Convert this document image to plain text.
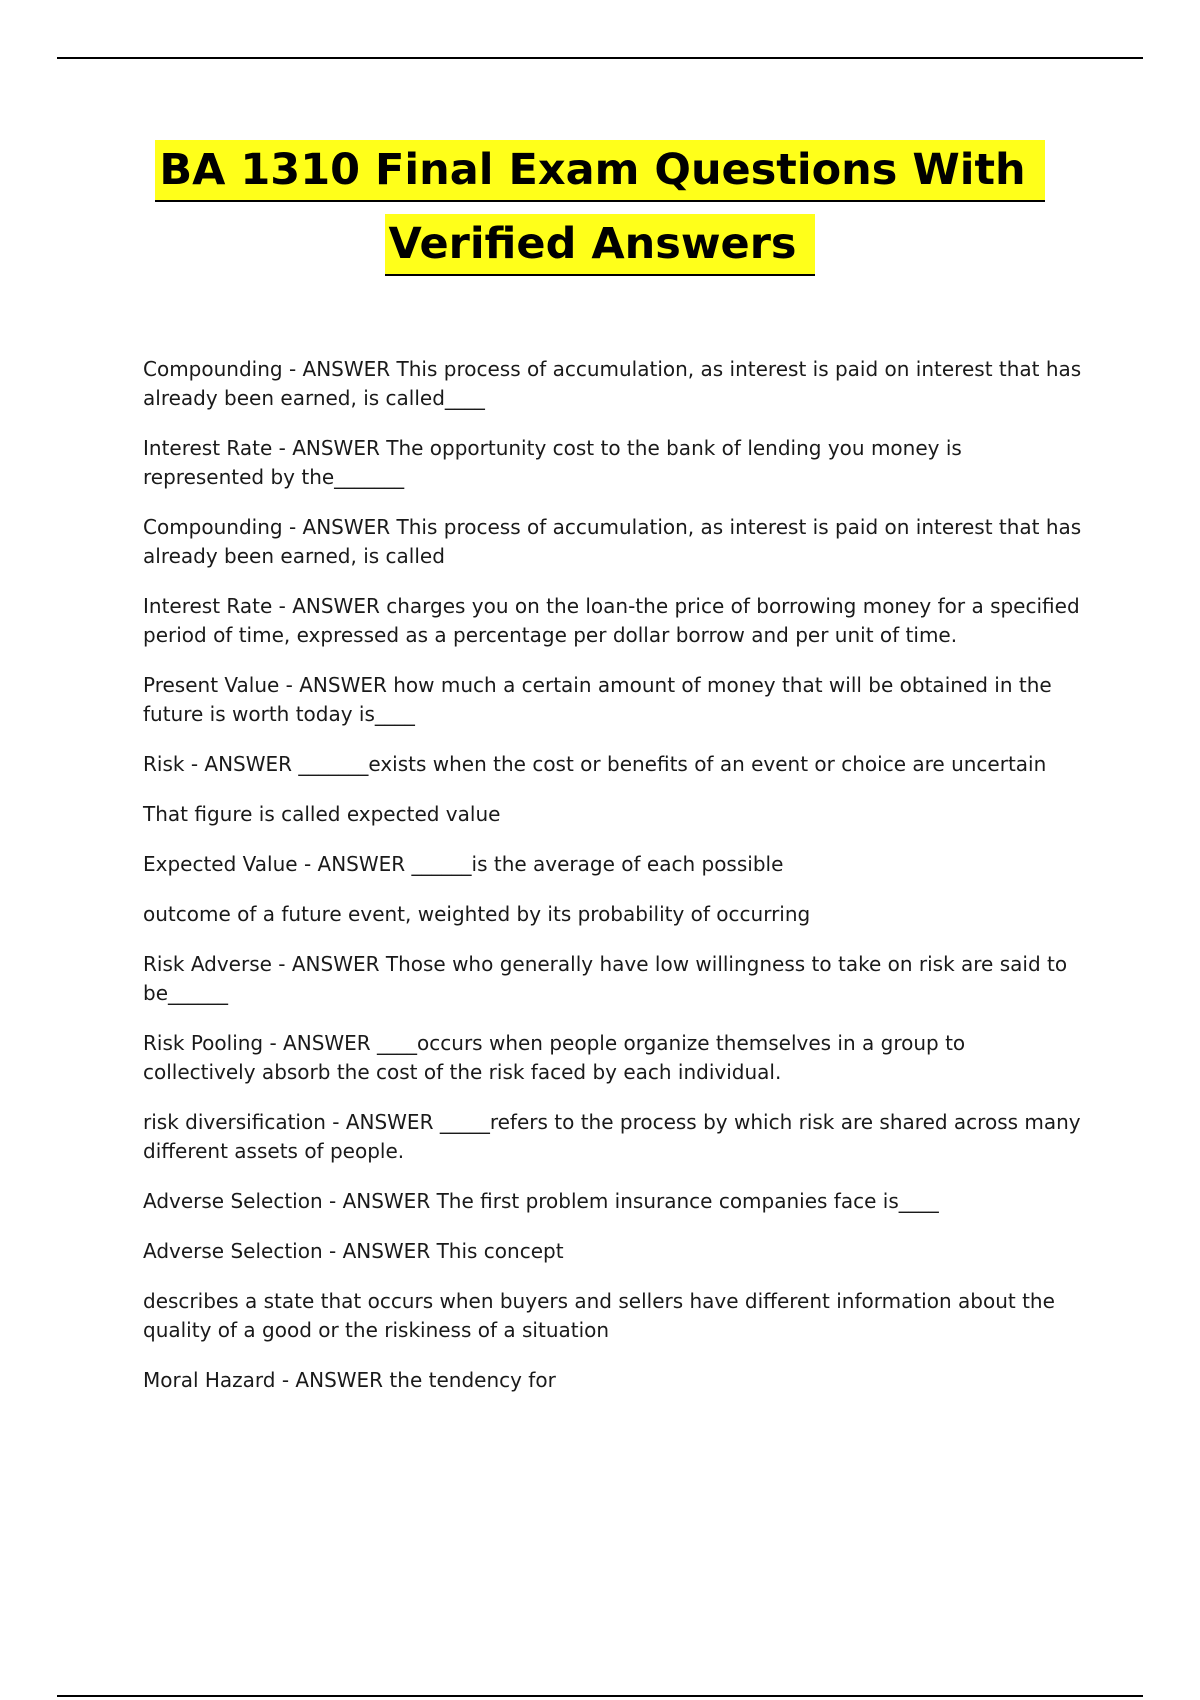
BA 1310 Final Exam Questions With
Verified Answers

Compounding - ANSWER This process of accumulation, as interest is paid on interest that has already been earned, is called____

Interest Rate - ANSWER The opportunity cost to the bank of lending you money is represented by the_______

Compounding - ANSWER This process of accumulation, as interest is paid on interest that has already been earned, is called

Interest Rate - ANSWER charges you on the loan-the price of borrowing money for a specified period of time, expressed as a percentage per dollar borrow and per unit of time.

Present Value - ANSWER how much a certain amount of money that will be obtained in the future is worth today is____

Risk - ANSWER _______exists when the cost or benefits of an event or choice are uncertain

That figure is called expected value

Expected Value - ANSWER ______is the average of each possible

outcome of a future event, weighted by its probability of occurring

Risk Adverse - ANSWER Those who generally have low willingness to take on risk are said to be______

Risk Pooling - ANSWER ____occurs when people organize themselves in a group to collectively absorb the cost of the risk faced by each individual.

risk diversification - ANSWER _____refers to the process by which risk are shared across many different assets of people.

Adverse Selection - ANSWER The first problem insurance companies face is____

Adverse Selection - ANSWER This concept

describes a state that occurs when buyers and sellers have different information about the quality of a good or the riskiness of a situation

Moral Hazard - ANSWER the tendency for
